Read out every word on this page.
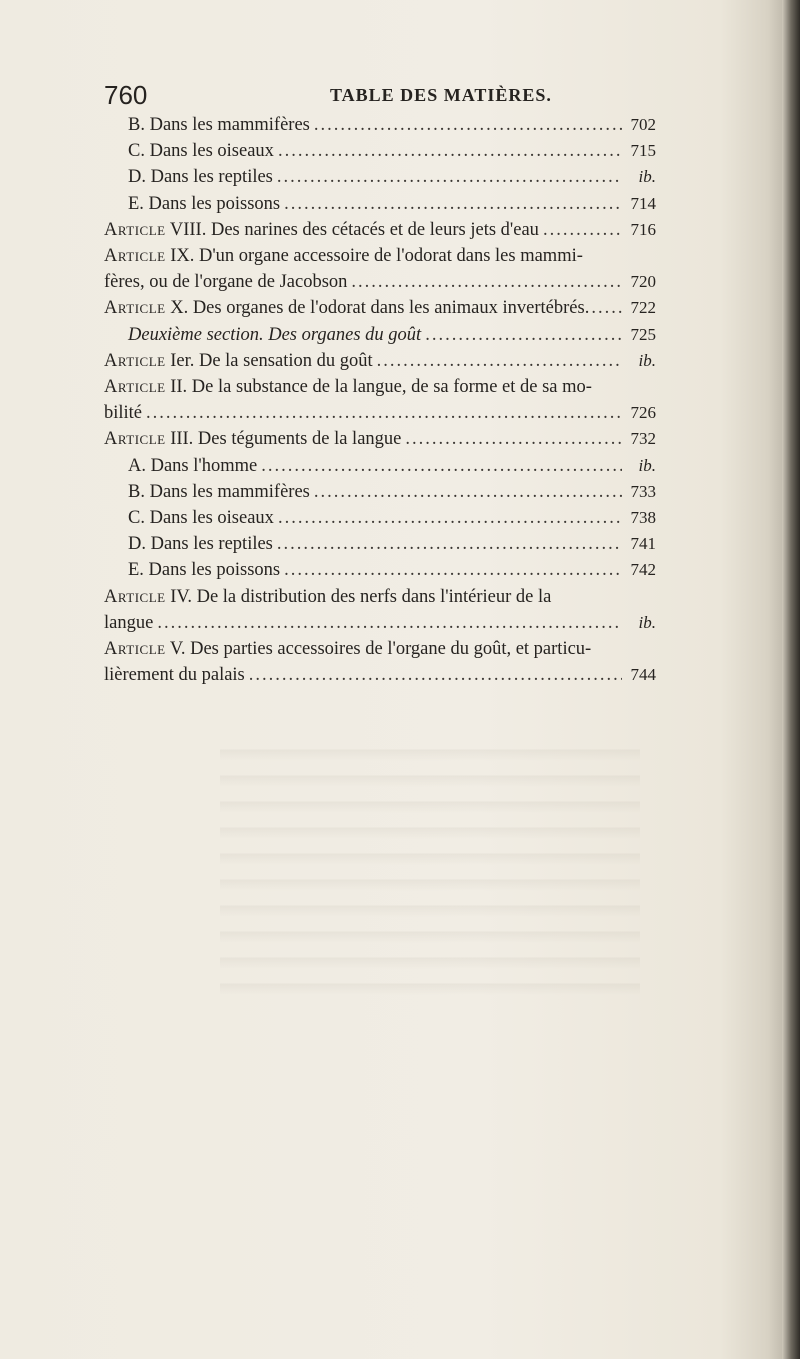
760	TABLE DES MATIÈRES.
B. Dans les mammifères .....	702
C. Dans les oiseaux .....	715
D. Dans les reptiles .....	ib.
E. Dans les poissons .....	714
Article VIII. Des narines des cétacés et de leurs jets d'eau .....	716
Article IX. D'un organe accessoire de l'odorat dans les mammi-
fères, ou de l'organe de Jacobson .....	720
Article X. Des organes de l'odorat dans les animaux invertébrés. ..... 722
Deuxième section. Des organes du goût .....	725
Article Ier. De la sensation du goût .....	ib.
Article II. De la substance de la langue, de sa forme et de sa mo-
bilité .....	726
Article III. Des téguments de la langue .....	732
A. Dans l'homme .....	ib.
B. Dans les mammifères .....	733
C. Dans les oiseaux .....	738
D. Dans les reptiles .....	741
E. Dans les poissons .....	742
Article IV. De la distribution des nerfs dans l'intérieur de la
langue .....	ib.
Article V. Des parties accessoires de l'organe du goût, et particu-
lièrement du palais .....	744
